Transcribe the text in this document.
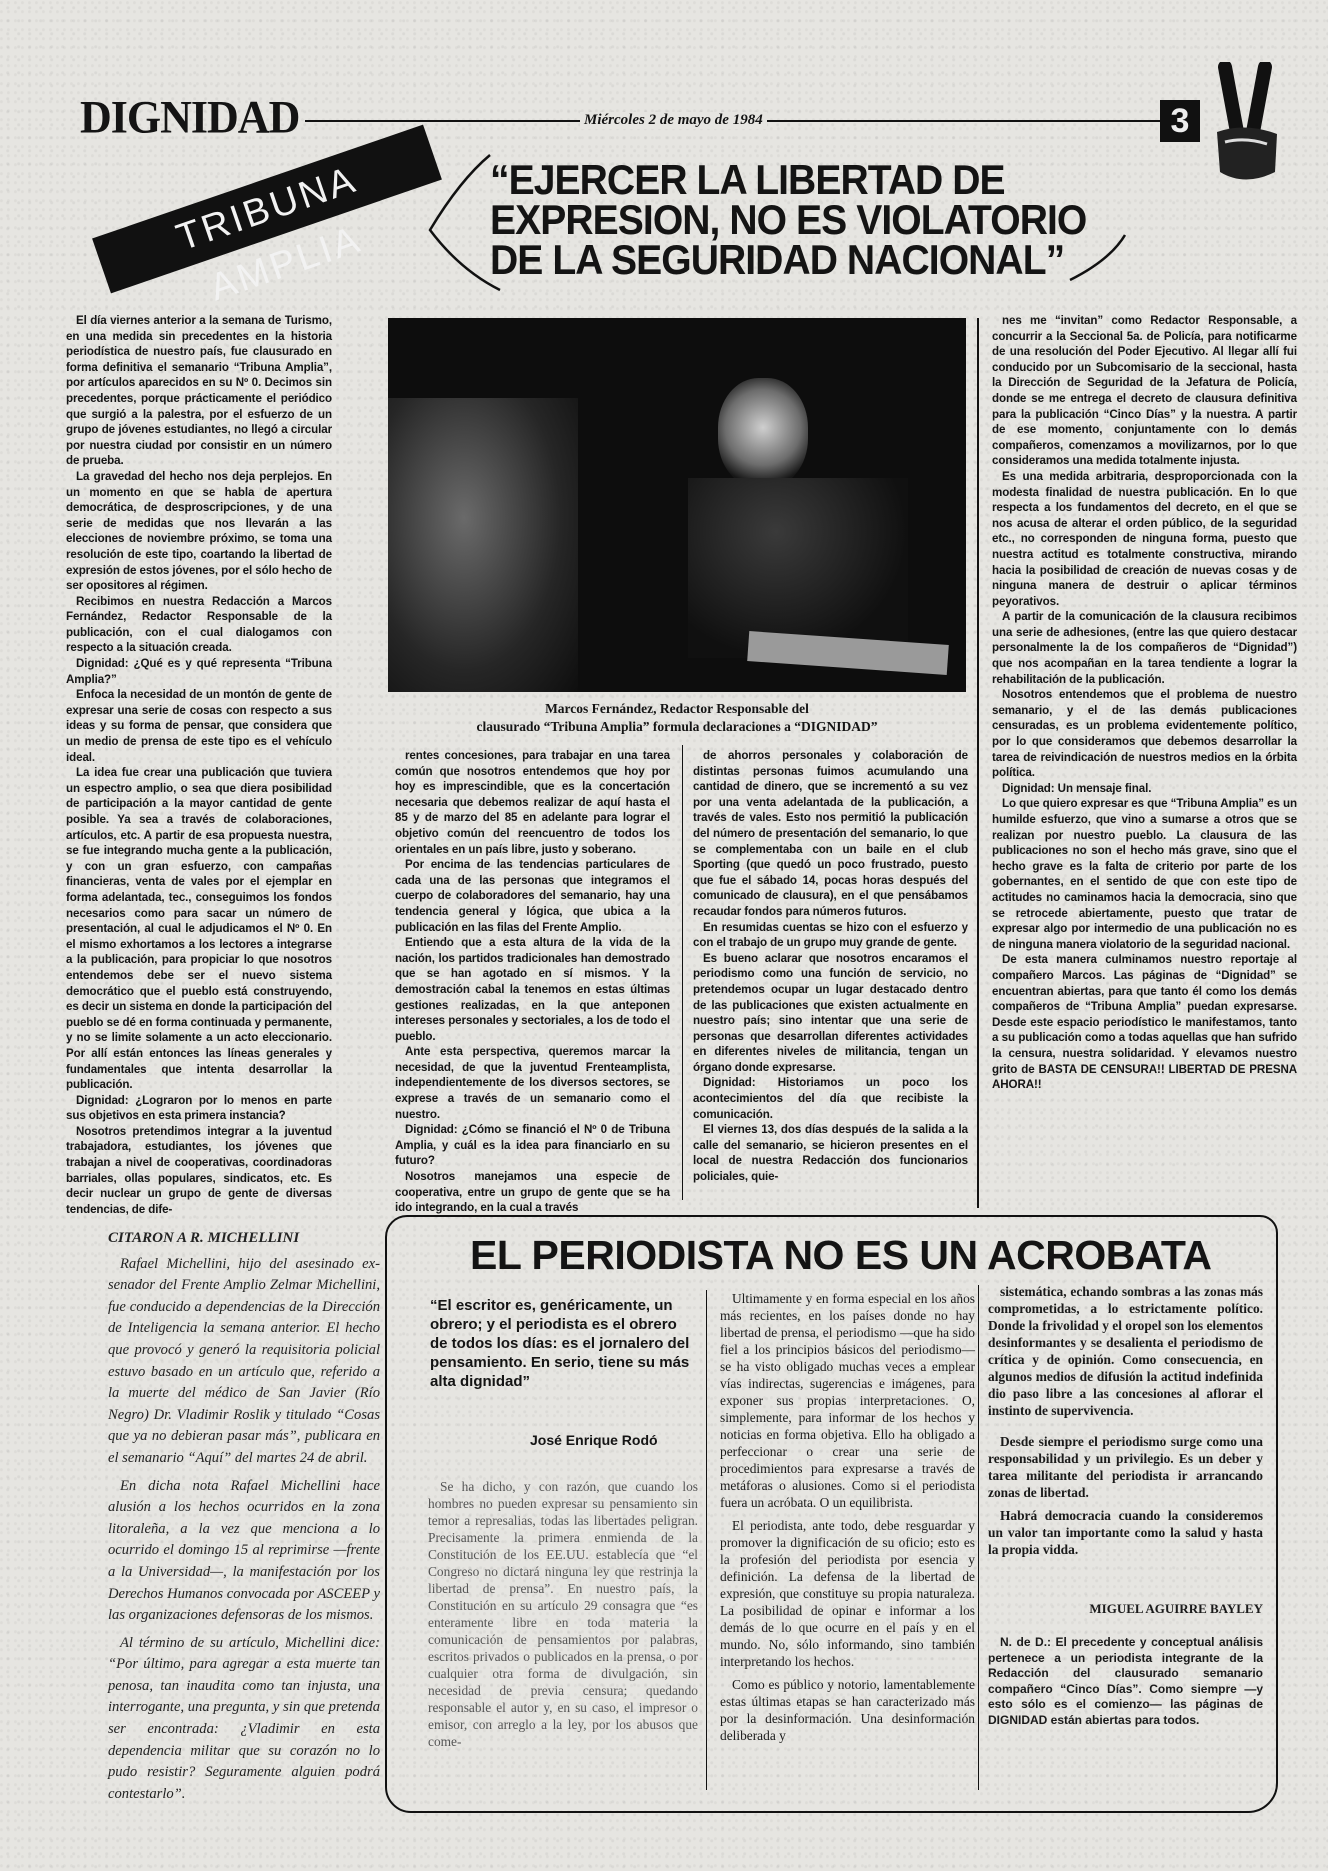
DIGNIDAD	Miércoles 2 de mayo de 1984	3
TRIBUNA AMPLIA
“EJERCER LA LIBERTAD DE
EXPRESION, NO ES VIOLATORIO
DE LA SEGURIDAD NACIONAL”

El día viernes anterior a la semana de Turismo, en una medida sin precedentes en la historia periodística de nuestro país, fue clausurado en forma definitiva el semanario “Tribuna Amplia”, por artículos aparecidos en su Nº 0. Decimos sin precedentes, porque prácticamente el periódico que surgió a la palestra, por el esfuerzo de un grupo de jóvenes estudiantes, no llegó a circular por nuestra ciudad por consistir en un número de prueba.

La gravedad del hecho nos deja perplejos. En un momento en que se habla de apertura democrática, de desproscripciones, y de una serie de medidas que nos llevarán a las elecciones de noviembre próximo, se toma una resolución de este tipo, coartando la libertad de expresión de estos jóvenes, por el sólo hecho de ser opositores al régimen.

Recibimos en nuestra Redacción a Marcos Fernández, Redactor Responsable de la publicación, con el cual dialogamos con respecto a la situación creada.

Dignidad: ¿Qué es y qué representa “Tribuna Amplia?”

Enfoca la necesidad de un montón de gente de expresar una serie de cosas con respecto a sus ideas y su forma de pensar, que considera que un medio de prensa de este tipo es el vehículo ideal.

La idea fue crear una publicación que tuviera un espectro amplio, o sea que diera posibilidad de participación a la mayor cantidad de gente posible. Ya sea a través de colaboraciones, artículos, etc. A partir de esa propuesta nuestra, se fue integrando mucha gente a la publicación, y con un gran esfuerzo, con campañas financieras, venta de vales por el ejemplar en forma adelantada, tec., conseguimos los fondos necesarios como para sacar un número de presentación, al cual le adjudicamos el Nº 0. En el mismo exhortamos a los lectores a integrarse a la publicación, para propiciar lo que nosotros entendemos debe ser el nuevo sistema democrático que el pueblo está construyendo, es decir un sistema en donde la participación del pueblo se dé en forma continuada y permanente, y no se limite solamente a un acto eleccionario. Por allí están entonces las líneas generales y fundamentales que intenta desarrollar la publicación.

Dignidad: ¿Lograron por lo menos en parte sus objetivos en esta primera instancia?

Nosotros pretendimos integrar a la juventud trabajadora, estudiantes, los jóvenes que trabajan a nivel de cooperativas, coordinadoras barriales, ollas populares, sindicatos, etc. Es decir nuclear un grupo de gente de diversas tendencias, de dife-

Marcos Fernández, Redactor Responsable del
clausurado “Tribuna Amplia” formula declaraciones a “DIGNIDAD”

rentes concesiones, para trabajar en una tarea común que nosotros entendemos que hoy por hoy es imprescindible, que es la concertación necesaria que debemos realizar de aquí hasta el 85 y de marzo del 85 en adelante para lograr el objetivo común del reencuentro de todos los orientales en un país libre, justo y soberano.

Por encima de las tendencias particulares de cada una de las personas que integramos el cuerpo de colaboradores del semanario, hay una tendencia general y lógica, que ubica a la publicación en las filas del Frente Amplio.

Entiendo que a esta altura de la vida de la nación, los partidos tradicionales han demostrado que se han agotado en sí mismos. Y la demostración cabal la tenemos en estas últimas gestiones realizadas, en la que anteponen intereses personales y sectoriales, a los de todo el pueblo.

Ante esta perspectiva, queremos marcar la necesidad, de que la juventud Frenteamplista, independientemente de los diversos sectores, se exprese a través de un semanario como el nuestro.

Dignidad: ¿Cómo se financió el Nº 0 de Tribuna Amplia, y cuál es la idea para financiarlo en su futuro?

Nosotros manejamos una especie de cooperativa, entre un grupo de gente que se ha ido integrando, en la cual a través

de ahorros personales y colaboración de distintas personas fuimos acumulando una cantidad de dinero, que se incrementó a su vez por una venta adelantada de la publicación, a través de vales. Esto nos permitió la publicación del número de presentación del semanario, lo que se complementaba con un baile en el club Sporting (que quedó un poco frustrado, puesto que fue el sábado 14, pocas horas después del comunicado de clausura), en el que pensábamos recaudar fondos para números futuros.

En resumidas cuentas se hizo con el esfuerzo y con el trabajo de un grupo muy grande de gente.

Es bueno aclarar que nosotros encaramos el periodismo como una función de servicio, no pretendemos ocupar un lugar destacado dentro de las publicaciones que existen actualmente en nuestro país; sino intentar que una serie de personas que desarrollan diferentes actividades en diferentes niveles de militancia, tengan un órgano donde expresarse.

Dignidad: Historiamos un poco los acontecimientos del día que recibiste la comunicación.

El viernes 13, dos días después de la salida a la calle del semanario, se hicieron presentes en el local de nuestra Redacción dos funcionarios policiales, quie-

nes me “invitan” como Redactor Responsable, a concurrir a la Seccional 5a. de Policía, para notificarme de una resolución del Poder Ejecutivo. Al llegar allí fui conducido por un Subcomisario de la seccional, hasta la Dirección de Seguridad de la Jefatura de Policía, donde se me entrega el decreto de clausura definitiva para la publicación “Cinco Días” y la nuestra. A partir de ese momento, conjuntamente con lo demás compañeros, comenzamos a movilizarnos, por lo que consideramos una medida totalmente injusta.

Es una medida arbitraria, desproporcionada con la modesta finalidad de nuestra publicación. En lo que respecta a los fundamentos del decreto, en el que se nos acusa de alterar el orden público, de la seguridad etc., no corresponden de ninguna forma, puesto que nuestra actitud es totalmente constructiva, mirando hacia la posibilidad de creación de nuevas cosas y de ninguna manera de destruir o aplicar términos peyorativos.

A partir de la comunicación de la clausura recibimos una serie de adhesiones, (entre las que quiero destacar personalmente la de los compañeros de “Dignidad”) que nos acompañan en la tarea tendiente a lograr la rehabilitación de la publicación.

Nosotros entendemos que el problema de nuestro semanario, y el de las demás publicaciones censuradas, es un problema evidentemente político, por lo que consideramos que debemos desarrollar la tarea de reivindicación de nuestros medios en la órbita política.

Dignidad: Un mensaje final.

Lo que quiero expresar es que “Tribuna Amplia” es un humilde esfuerzo, que vino a sumarse a otros que se realizan por nuestro pueblo. La clausura de las publicaciones no son el hecho más grave, sino que el hecho grave es la falta de criterio por parte de los gobernantes, en el sentido de que con este tipo de actitudes no caminamos hacia la democracia, sino que se retrocede abiertamente, puesto que tratar de expresar algo por intermedio de una publicación no es de ninguna manera violatorio de la seguridad nacional.

De esta manera culminamos nuestro reportaje al compañero Marcos. Las páginas de “Dignidad” se encuentran abiertas, para que tanto él como los demás compañeros de “Tribuna Amplia” puedan expresarse. Desde este espacio periodístico le manifestamos, tanto a su publicación como a todas aquellas que han sufrido la censura, nuestra solidaridad. Y elevamos nuestro grito de BASTA DE CENSURA!! LIBERTAD DE PRESNA AHORA!!

CITARON A R. MICHELLINI

Rafael Michellini, hijo del asesinado ex-senador del Frente Amplio Zelmar Michellini, fue conducido a dependencias de la Dirección de Inteligencia la semana anterior. El hecho que provocó y generó la requisitoria policial estuvo basado en un artículo que, referido a la muerte del médico de San Javier (Río Negro) Dr. Vladimir Roslik y titulado “Cosas que ya no debieran pasar más”, publicara en el semanario “Aquí” del martes 24 de abril.

En dicha nota Rafael Michellini hace alusión a los hechos ocurridos en la zona litoraleña, a la vez que menciona a lo ocurrido el domingo 15 al reprimirse —frente a la Universidad—, la manifestación por los Derechos Humanos convocada por ASCEEP y las organizaciones defensoras de los mismos.

Al término de su artículo, Michellini dice: “Por último, para agregar a esta muerte tan penosa, tan inaudita como tan injusta, una interrogante, una pregunta, y sin que pretenda ser encontrada: ¿Vladimir en esta dependencia militar que su corazón no lo pudo resistir? Seguramente alguien podrá contestarlo”.

EL PERIODISTA NO ES UN ACROBATA
“El escritor es, genéricamente, un obrero; y el periodista es el obrero de todos los días: es el jornalero del pensamiento. En serio, tiene su más alta dignidad”
José Enrique Rodó

Se ha dicho, y con razón, que cuando los hombres no pueden expresar su pensamiento sin temor a represalias, todas las libertades peligran. Precisamente la primera enmienda de la Constitución de los EE.UU. establecía que “el Congreso no dictará ninguna ley que restrinja la libertad de prensa”. En nuestro país, la Constitución en su artículo 29 consagra que “es enteramente libre en toda materia la comunicación de pensamientos por palabras, escritos privados o publicados en la prensa, o por cualquier otra forma de divulgación, sin necesidad de previa censura; quedando responsable el autor y, en su caso, el impresor o emisor, con arreglo a la ley, por los abusos que come-

Ultimamente y en forma especial en los años más recientes, en los países donde no hay libertad de prensa, el periodismo —que ha sido fiel a los principios básicos del periodismo— se ha visto obligado muchas veces a emplear vías indirectas, sugerencias e imágenes, para exponer sus propias interpretaciones. O, simplemente, para informar de los hechos y noticias en forma objetiva. Ello ha obligado a perfeccionar o crear una serie de procedimientos para expresarse a través de metáforas o alusiones. Como si el periodista fuera un acróbata. O un equilibrista.

El periodista, ante todo, debe resguardar y promover la dignificación de su oficio; esto es la profesión del periodista por esencia y definición. La defensa de la libertad de expresión, que constituye su propia naturaleza. La posibilidad de opinar e informar a los demás de lo que ocurre en el país y en el mundo. No, sólo informando, sino también interpretando los hechos.

Como es público y notorio, lamentablemente estas últimas etapas se han caracterizado más por la desinformación. Una desinformación deliberada y

sistemática, echando sombras a las zonas más comprometidas, a lo estrictamente político. Donde la frivolidad y el oropel son los elementos desinformantes y se desalienta el periodismo de crítica y de opinión. Como consecuencia, en algunos medios de difusión la actitud indefinida dio paso libre a las concesiones al aflorar el instinto de supervivencia.

Desde siempre el periodismo surge como una responsabilidad y un privilegio. Es un deber y tarea militante del periodista ir arrancando zonas de libertad.

Habrá democracia cuando la consideremos un valor tan importante como la salud y hasta la propia vidda.

MIGUEL AGUIRRE BAYLEY
N. de D.: El precedente y conceptual análisis pertenece a un periodista integrante de la Redacción del clausurado semanario compañero “Cinco Días”. Como siempre —y esto sólo es el comienzo— las páginas de DIGNIDAD están abiertas para todos.
